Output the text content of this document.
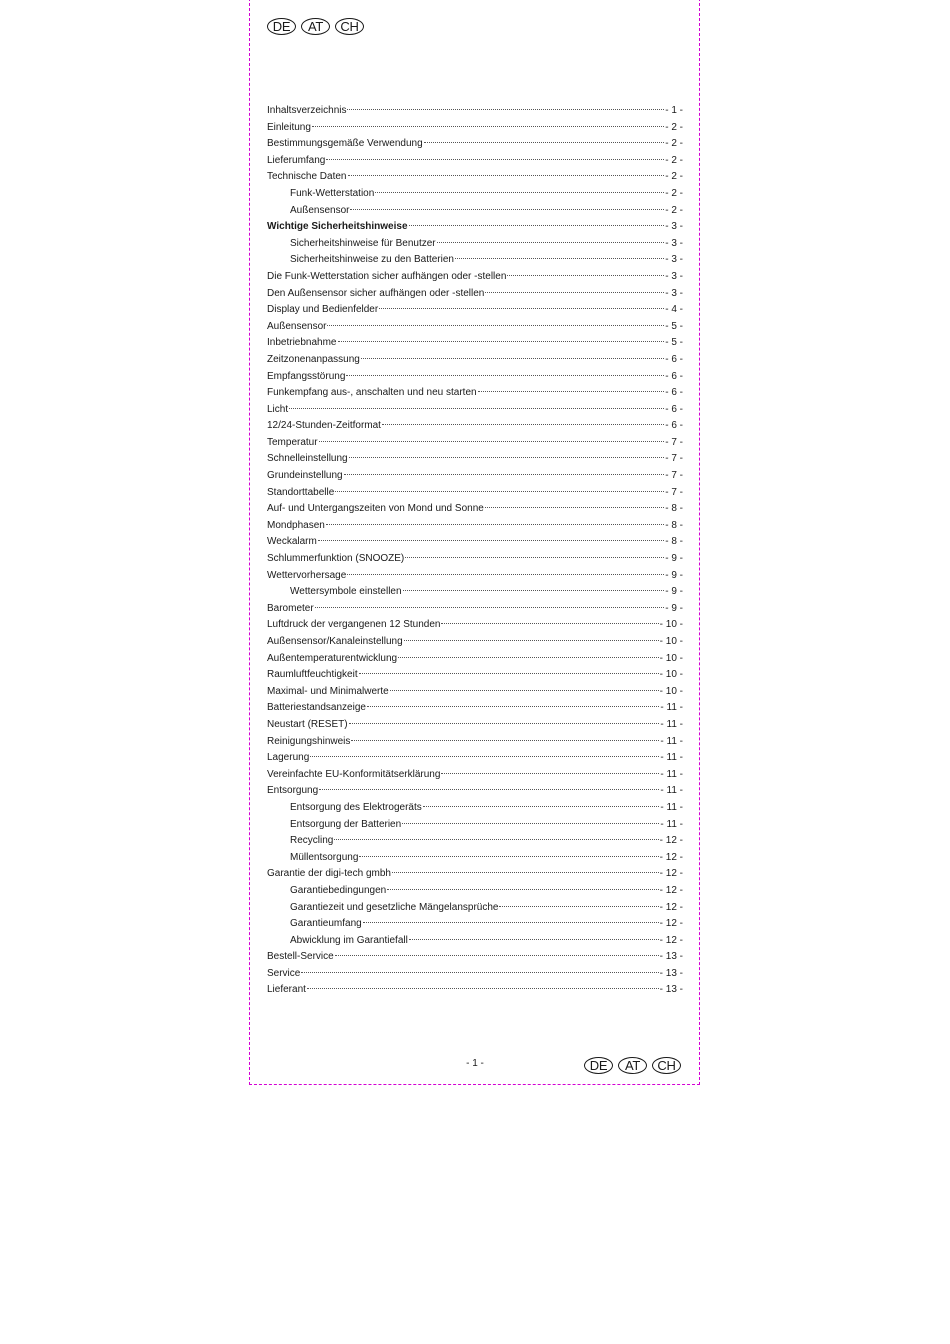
DE	AT	CH
Inhaltsverzeichnis	- 1 -
Einleitung	- 2 -
Bestimmungsgemäße Verwendung	- 2 -
Lieferumfang	- 2 -
Technische Daten	- 2 -
Funk-Wetterstation	- 2 -
Außensensor	- 2 -
Wichtige Sicherheitshinweise	- 3 -
Sicherheitshinweise für Benutzer	- 3 -
Sicherheitshinweise zu den Batterien	- 3 -
Die Funk-Wetterstation sicher aufhängen oder -stellen	- 3 -
Den Außensensor sicher aufhängen oder -stellen	- 3 -
Display und Bedienfelder	- 4 -
Außensensor	- 5 -
Inbetriebnahme	- 5 -
Zeitzonenanpassung	- 6 -
Empfangsstörung	- 6 -
Funkempfang aus-, anschalten und neu starten	- 6 -
Licht	- 6 -
12/24-Stunden-Zeitformat	- 6 -
Temperatur	- 7 -
Schnelleinstellung	- 7 -
Grundeinstellung	- 7 -
Standorttabelle	- 7 -
Auf- und Untergangszeiten von Mond und Sonne	- 8 -
Mondphasen	- 8 -
Weckalarm	- 8 -
Schlummerfunktion (SNOOZE)	- 9 -
Wettervorhersage	- 9 -
Wettersymbole einstellen	- 9 -
Barometer	- 9 -
Luftdruck der vergangenen 12 Stunden	- 10 -
Außensensor/Kanaleinstellung	- 10 -
Außentemperaturentwicklung	- 10 -
Raumluftfeuchtigkeit	- 10 -
Maximal- und Minimalwerte	- 10 -
Batteriestandsanzeige	- 11 -
Neustart (RESET)	- 11 -
Reinigungshinweis	- 11 -
Lagerung	- 11 -
Vereinfachte EU-Konformitätserklärung	- 11 -
Entsorgung	- 11 -
Entsorgung des Elektrogeräts	- 11 -
Entsorgung der Batterien	- 11 -
Recycling	- 12 -
Müllentsorgung	- 12 -
Garantie der digi-tech gmbh	- 12 -
Garantiebedingungen	- 12 -
Garantiezeit und gesetzliche Mängelansprüche	- 12 -
Garantieumfang	- 12 -
Abwicklung im Garantiefall	- 12 -
Bestell-Service	- 13 -
Service	- 13 -
Lieferant	- 13 -
- 1 -	DE	AT	CH
